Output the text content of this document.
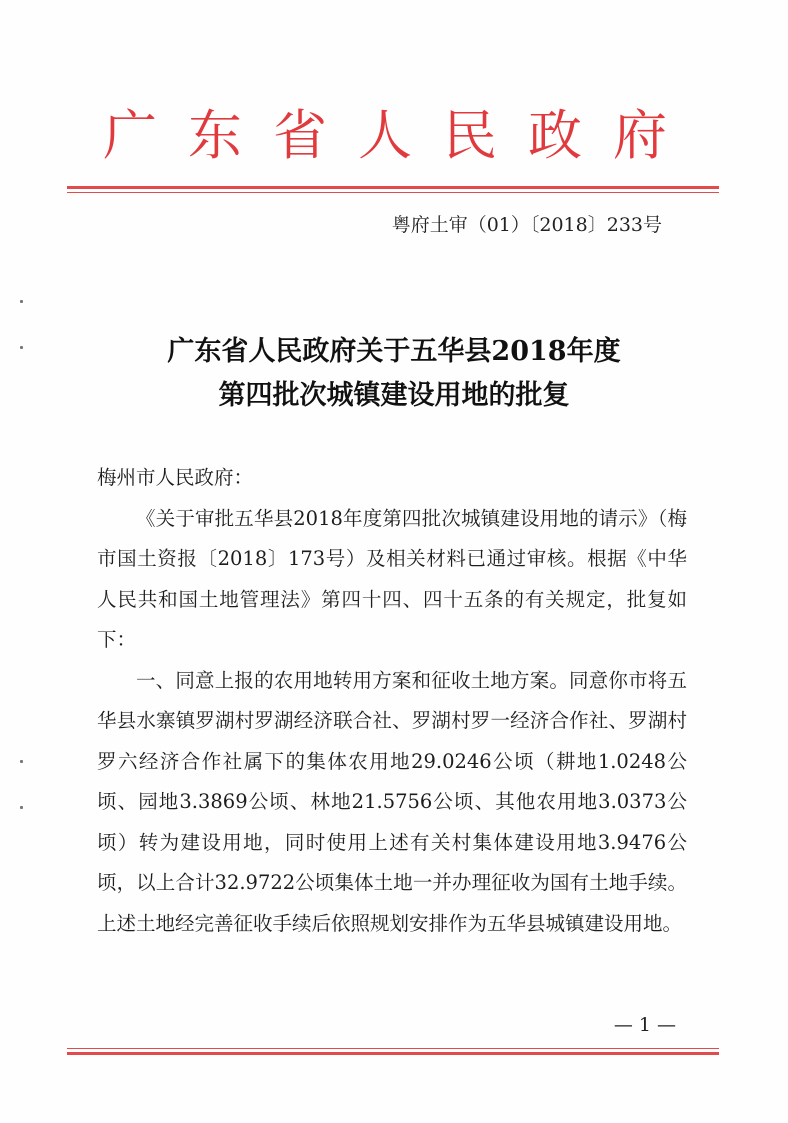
广东省人民政府
粤府土审（01）〔2018〕233号
广东省人民政府关于五华县2018年度
第四批次城镇建设用地的批复

梅州市人民政府：

《关于审批五华县2018年度第四批次城镇建设用地的请示》（梅市国土资报〔2018〕173号）及相关材料已通过审核。根据《中华人民共和国土地管理法》第四十四、四十五条的有关规定，批复如下：

一、同意上报的农用地转用方案和征收土地方案。同意你市将五华县水寨镇罗湖村罗湖经济联合社、罗湖村罗一经济合作社、罗湖村罗六经济合作社属下的集体农用地29.0246公顷（耕地1.0248公顷、园地3.3869公顷、林地21.5756公顷、其他农用地3.0373公顷）转为建设用地，同时使用上述有关村集体建设用地3.9476公顷，以上合计32.9722公顷集体土地一并办理征收为国有土地手续。上述土地经完善征收手续后依照规划安排作为五华县城镇建设用地。

— 1 —
